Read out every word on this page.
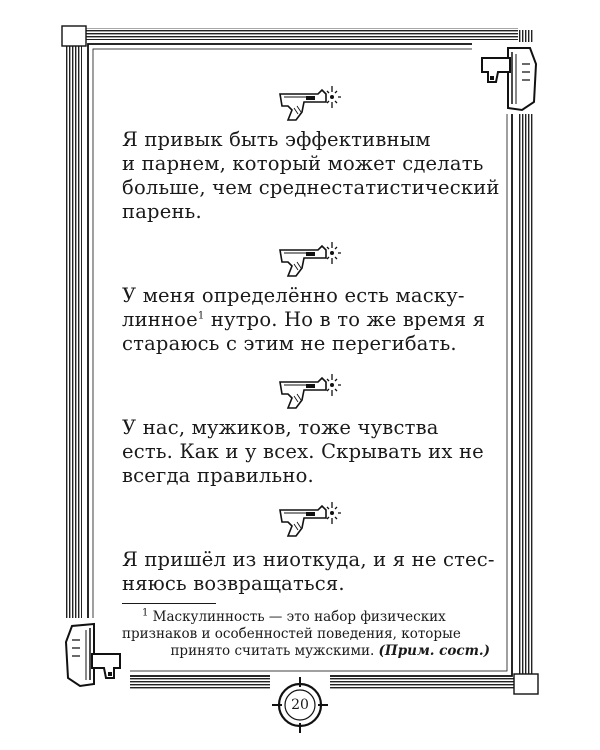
Я привык быть эффективным
и парнем, который может сделать
больше, чем среднестатистический
парень.
У меня определённо есть маску-
линное$^1$ нутро. Но в то же время я
стараюсь с этим не перегибать.
У нас, мужиков, тоже чувства
есть. Как и у всех. Скрывать их не
всегда правильно.
Я пришёл из ниоткуда, и я не стес-
няюсь возвращаться.
$^1$ Маскулинность — это набор физических
признаков и особенностей поведения, которые
принято считать мужскими. (Прим. сост.)
20
